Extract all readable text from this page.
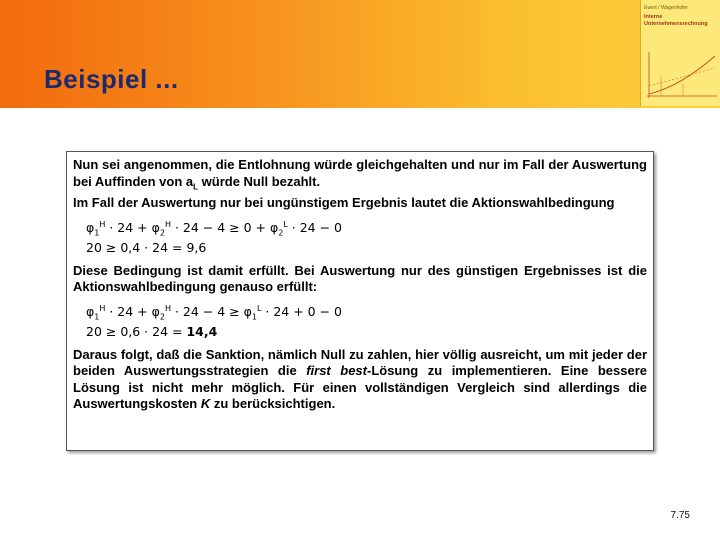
Beispiel ...
Ewert / Wagenhofer
Interne Unternehmensrechnung

Nun sei angenommen, die Entlohnung würde gleichgehalten und nur im Fall der Auswertung bei Auffinden von $a_L$ würde Null bezahlt.

Im Fall der Auswertung nur bei ungünstigem Ergebnis lautet die Aktionswahlbedingung

$\varphi_1^H \cdot 24 + \varphi_2^H \cdot 24 - 4 \ge 0 + \varphi_2^L \cdot 24 - 0$
20 ≥ 0,4 · 24 = 9,6

Diese Bedingung ist damit erfüllt. Bei Auswertung nur des günstigen Ergebnisses ist die Aktionswahlbedingung genauso erfüllt:

$\varphi_1^H \cdot 24 + \varphi_2^H \cdot 24 - 4 \ge \varphi_1^L \cdot 24 + 0 - 0$
20 ≥ 0,6 · 24 = 14,4

Daraus folgt, daß die Sanktion, nämlich Null zu zahlen, hier völlig ausreicht, um mit jeder der beiden Auswertungsstrategien die first best-Lösung zu implementieren. Eine bessere Lösung ist nicht mehr möglich. Für einen vollständigen Vergleich sind allerdings die Auswertungskosten K zu berücksichtigen.

7.75
